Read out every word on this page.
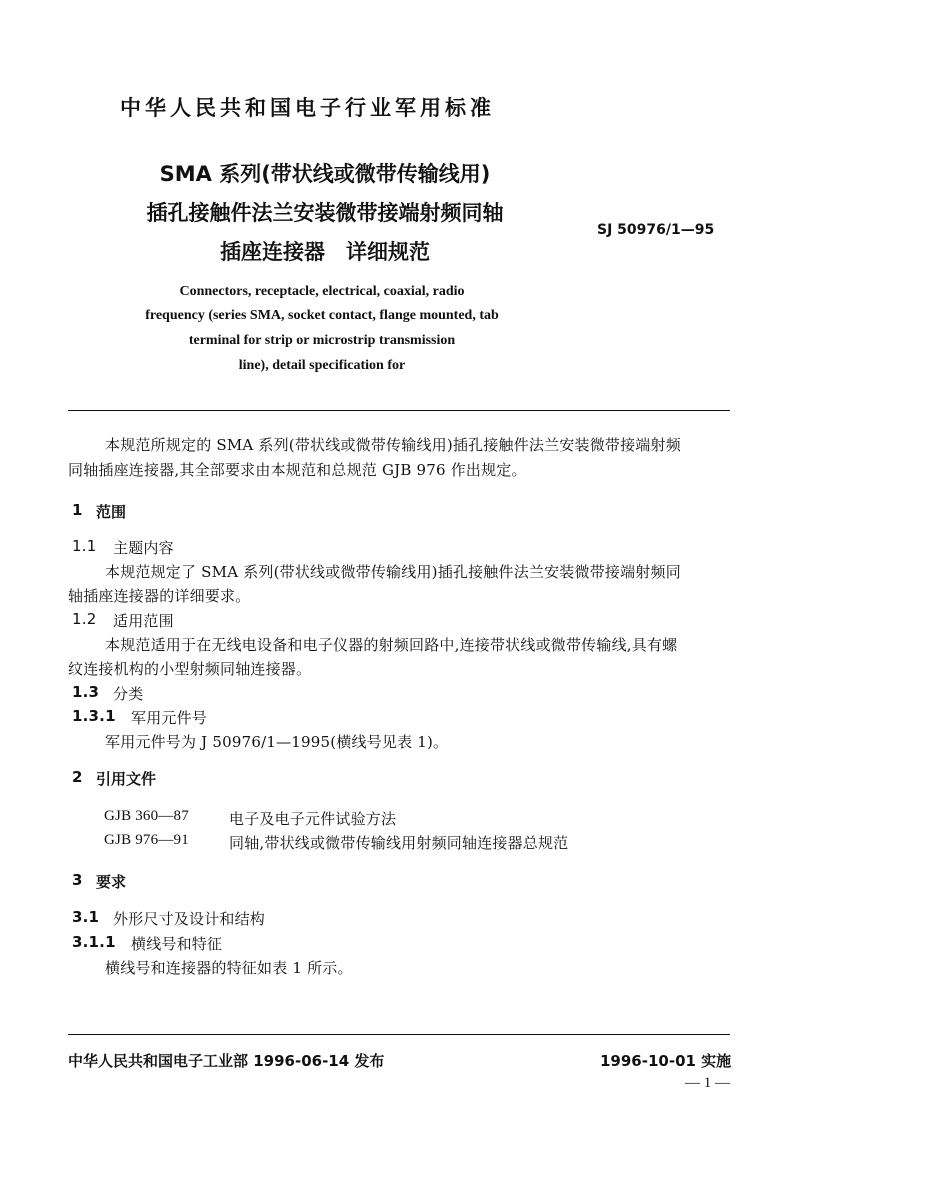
中华人民共和国电子行业军用标准
SMA 系列(带状线或微带传输线用)
插孔接触件法兰安装微带接端射频同轴
插座连接器　详细规范
SJ 50976/1—95
Connectors, receptacle, electrical, coaxial, radio
frequency (series SMA, socket contact, flange mounted, tab
terminal for strip or microstrip transmission
line), detail specification for
本规范所规定的 SMA 系列(带状线或微带传输线用)插孔接触件法兰安装微带接端射频
同轴插座连接器,其全部要求由本规范和总规范 GJB 976 作出规定。
1 范围
1.1 主题内容
本规范规定了 SMA 系列(带状线或微带传输线用)插孔接触件法兰安装微带接端射频同
轴插座连接器的详细要求。
1.2 适用范围
本规范适用于在无线电设备和电子仪器的射频回路中,连接带状线或微带传输线,具有螺
纹连接机构的小型射频同轴连接器。
1.3 分类
1.3.1 军用元件号
军用元件号为 J 50976/1—1995(横线号见表 1)。
2 引用文件
GJB 360—87	电子及电子元件试验方法
GJB 976—91	同轴,带状线或微带传输线用射频同轴连接器总规范
3 要求
3.1 外形尺寸及设计和结构
3.1.1 横线号和特征
横线号和连接器的特征如表 1 所示。
中华人民共和国电子工业部 1996-06-14 发布	1996-10-01 实施
— 1 —
